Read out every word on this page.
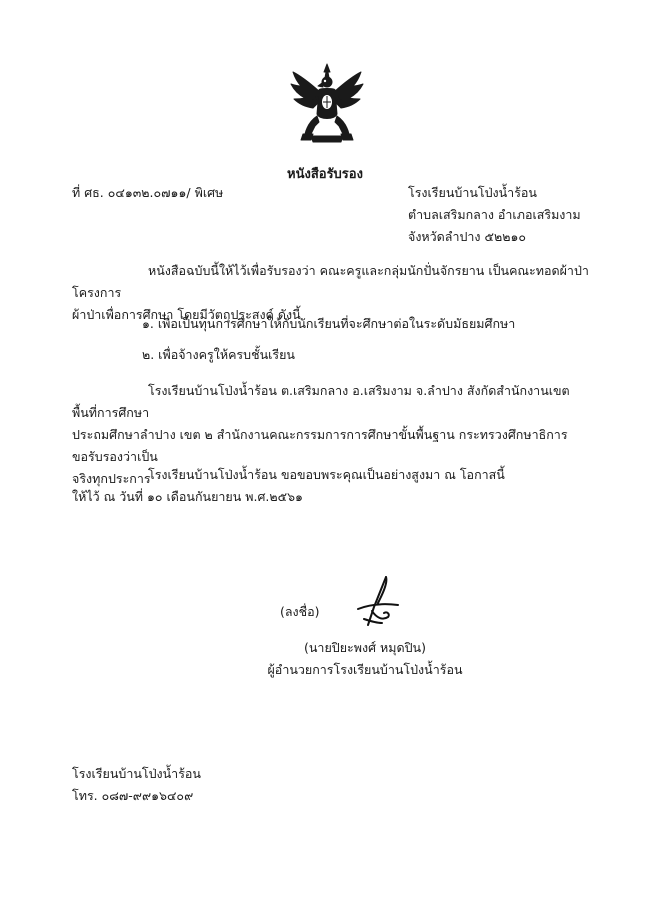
หนังสือรับรอง
ที่ ศธ. ๐๔๑๓๒.๐๗๑๑/ พิเศษ	โรงเรียนบ้านโป่งน้ำร้อน
ตำบลเสริมกลาง อำเภอเสริมงาม
จังหวัดลำปาง ๕๒๒๑๐

หนังสือฉบับนี้ให้ไว้เพื่อรับรองว่า คณะครูและกลุ่มนักปั่นจักรยาน เป็นคณะทอดผ้าป่าโครงการ

ผ้าป่าเพื่อการศึกษา โดยมีวัตถุประสงค์ ดังนี้

๑. เพื่อเป็นทุนการศึกษาให้กับนักเรียนที่จะศึกษาต่อในระดับมัธยมศึกษา
๒. เพื่อจ้างครูให้ครบชั้นเรียน

โรงเรียนบ้านโป่งน้ำร้อน ต.เสริมกลาง อ.เสริมงาม จ.ลำปาง สังกัดสำนักงานเขตพื้นที่การศึกษา

ประถมศึกษาลำปาง เขต ๒ สำนักงานคณะกรรมการการศึกษาขั้นพื้นฐาน กระทรวงศึกษาธิการ ขอรับรองว่าเป็น

จริงทุกประการ

โรงเรียนบ้านโป่งน้ำร้อน ขอขอบพระคุณเป็นอย่างสูงมา ณ โอกาสนี้

ให้ไว้ ณ วันที่ ๑๐ เดือนกันยายน พ.ศ.๒๕๖๑

(ลงชื่อ)
(นายปิยะพงศ์ หมุดปิน)
ผู้อำนวยการโรงเรียนบ้านโป่งน้ำร้อน
โรงเรียนบ้านโป่งน้ำร้อน
โทร. ๐๘๗-๙๙๑๖๔๐๙
